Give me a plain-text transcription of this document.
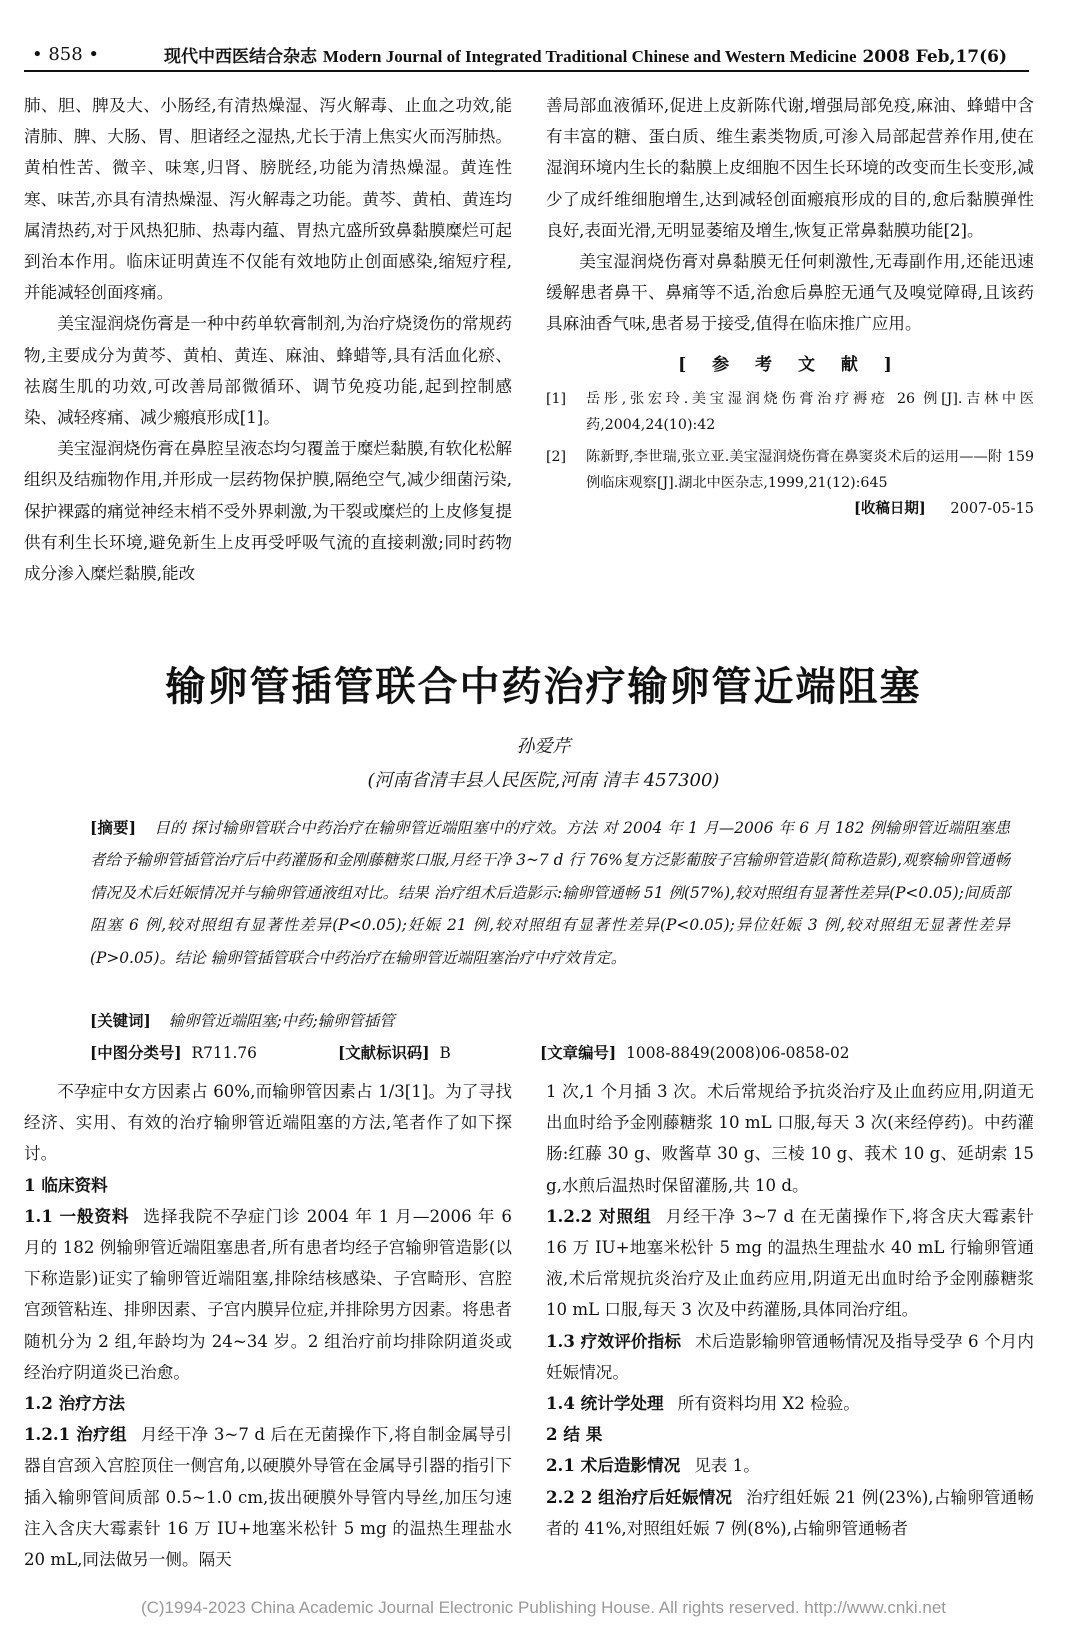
• 858 •	现代中西医结合杂志 Modern Journal of Integrated Traditional Chinese and Western Medicine 2008 Feb,17(6)

肺、胆、脾及大、小肠经,有清热燥湿、泻火解毒、止血之功效,能清肺、脾、大肠、胃、胆诸经之湿热,尤长于清上焦实火而泻肺热。黄柏性苦、微辛、味寒,归肾、膀胱经,功能为清热燥湿。黄连性寒、味苦,亦具有清热燥湿、泻火解毒之功能。黄芩、黄柏、黄连均属清热药,对于风热犯肺、热毒内蕴、胃热亢盛所致鼻黏膜糜烂可起到治本作用。临床证明黄连不仅能有效地防止创面感染,缩短疗程,并能减轻创面疼痛。

美宝湿润烧伤膏是一种中药单软膏制剂,为治疗烧烫伤的常规药物,主要成分为黄芩、黄柏、黄连、麻油、蜂蜡等,具有活血化瘀、祛腐生肌的功效,可改善局部微循环、调节免疫功能,起到控制感染、减轻疼痛、减少瘢痕形成[1]。

美宝湿润烧伤膏在鼻腔呈液态均匀覆盖于糜烂黏膜,有软化松解组织及结痂物作用,并形成一层药物保护膜,隔绝空气,减少细菌污染,保护裸露的痛觉神经末梢不受外界刺激,为干裂或糜烂的上皮修复提供有利生长环境,避免新生上皮再受呼吸气流的直接刺激;同时药物成分渗入糜烂黏膜,能改

善局部血液循环,促进上皮新陈代谢,增强局部免疫,麻油、蜂蜡中含有丰富的糖、蛋白质、维生素类物质,可渗入局部起营养作用,使在湿润环境内生长的黏膜上皮细胞不因生长环境的改变而生长变形,减少了成纤维细胞增生,达到减轻创面瘢痕形成的目的,愈后黏膜弹性良好,表面光滑,无明显萎缩及增生,恢复正常鼻黏膜功能[2]。

美宝湿润烧伤膏对鼻黏膜无任何刺激性,无毒副作用,还能迅速缓解患者鼻干、鼻痛等不适,治愈后鼻腔无通气及嗅觉障碍,且该药具麻油香气味,患者易于接受,值得在临床推广应用。

[ 参 考 文 献 ]
[1]	岳彤,张宏玲.美宝湿润烧伤膏治疗褥疮 26 例[J].吉林中医药,2004,24(10):42
[2]	陈新野,李世瑞,张立亚.美宝湿润烧伤膏在鼻窦炎术后的运用——附 159 例临床观察[J].湖北中医杂志,1999,21(12):645
[收稿日期] 2007-05-15
输卵管插管联合中药治疗输卵管近端阻塞
孙爱芹
(河南省清丰县人民医院,河南 清丰 457300)
[摘要] 目的 探讨输卵管联合中药治疗在输卵管近端阻塞中的疗效。方法 对 2004 年 1 月—2006 年 6 月 182 例输卵管近端阻塞患者给予输卵管插管治疗后中药灌肠和金刚藤糖浆口服,月经干净 3~7 d 行 76%复方泛影葡胺子宫输卵管造影(简称造影),观察输卵管通畅情况及术后妊娠情况并与输卵管通液组对比。结果 治疗组术后造影示:输卵管通畅 51 例(57%),较对照组有显著性差异(P<0.05);间质部阻塞 6 例,较对照组有显著性差异(P<0.05);妊娠 21 例,较对照组有显著性差异(P<0.05);异位妊娠 3 例,较对照组无显著性差异(P>0.05)。结论 输卵管插管联合中药治疗在输卵管近端阻塞治疗中疗效肯定。
[关键词] 输卵管近端阻塞;中药;输卵管插管
[中图分类号] R711.76	[文献标识码] B	[文章编号] 1008-8849(2008)06-0858-02

不孕症中女方因素占 60%,而输卵管因素占 1/3[1]。为了寻找经济、实用、有效的治疗输卵管近端阻塞的方法,笔者作了如下探讨。

1 临床资料

1.1 一般资料 选择我院不孕症门诊 2004 年 1 月—2006 年 6 月的 182 例输卵管近端阻塞患者,所有患者均经子宫输卵管造影(以下称造影)证实了输卵管近端阻塞,排除结核感染、子宫畸形、宫腔宫颈管粘连、排卵因素、子宫内膜异位症,并排除男方因素。将患者随机分为 2 组,年龄均为 24~34 岁。2 组治疗前均排除阴道炎或经治疗阴道炎已治愈。

1.2 治疗方法

1.2.1 治疗组 月经干净 3~7 d 后在无菌操作下,将自制金属导引器自宫颈入宫腔顶住一侧宫角,以硬膜外导管在金属导引器的指引下插入输卵管间质部 0.5~1.0 cm,拔出硬膜外导管内导丝,加压匀速注入含庆大霉素针 16 万 IU+地塞米松针 5 mg 的温热生理盐水 20 mL,同法做另一侧。隔天

1 次,1 个月插 3 次。术后常规给予抗炎治疗及止血药应用,阴道无出血时给予金刚藤糖浆 10 mL 口服,每天 3 次(来经停药)。中药灌肠:红藤 30 g、败酱草 30 g、三棱 10 g、莪术 10 g、延胡索 15 g,水煎后温热时保留灌肠,共 10 d。

1.2.2 对照组 月经干净 3~7 d 在无菌操作下,将含庆大霉素针 16 万 IU+地塞米松针 5 mg 的温热生理盐水 40 mL 行输卵管通液,术后常规抗炎治疗及止血药应用,阴道无出血时给予金刚藤糖浆 10 mL 口服,每天 3 次及中药灌肠,具体同治疗组。

1.3 疗效评价指标 术后造影输卵管通畅情况及指导受孕 6 个月内妊娠情况。

1.4 统计学处理 所有资料均用 X2 检验。

2 结 果

2.1 术后造影情况 见表 1。

2.2 2 组治疗后妊娠情况 治疗组妊娠 21 例(23%),占输卵管通畅者的 41%,对照组妊娠 7 例(8%),占输卵管通畅者

(C)1994-2023 China Academic Journal Electronic Publishing House. All rights reserved. http://www.cnki.net
